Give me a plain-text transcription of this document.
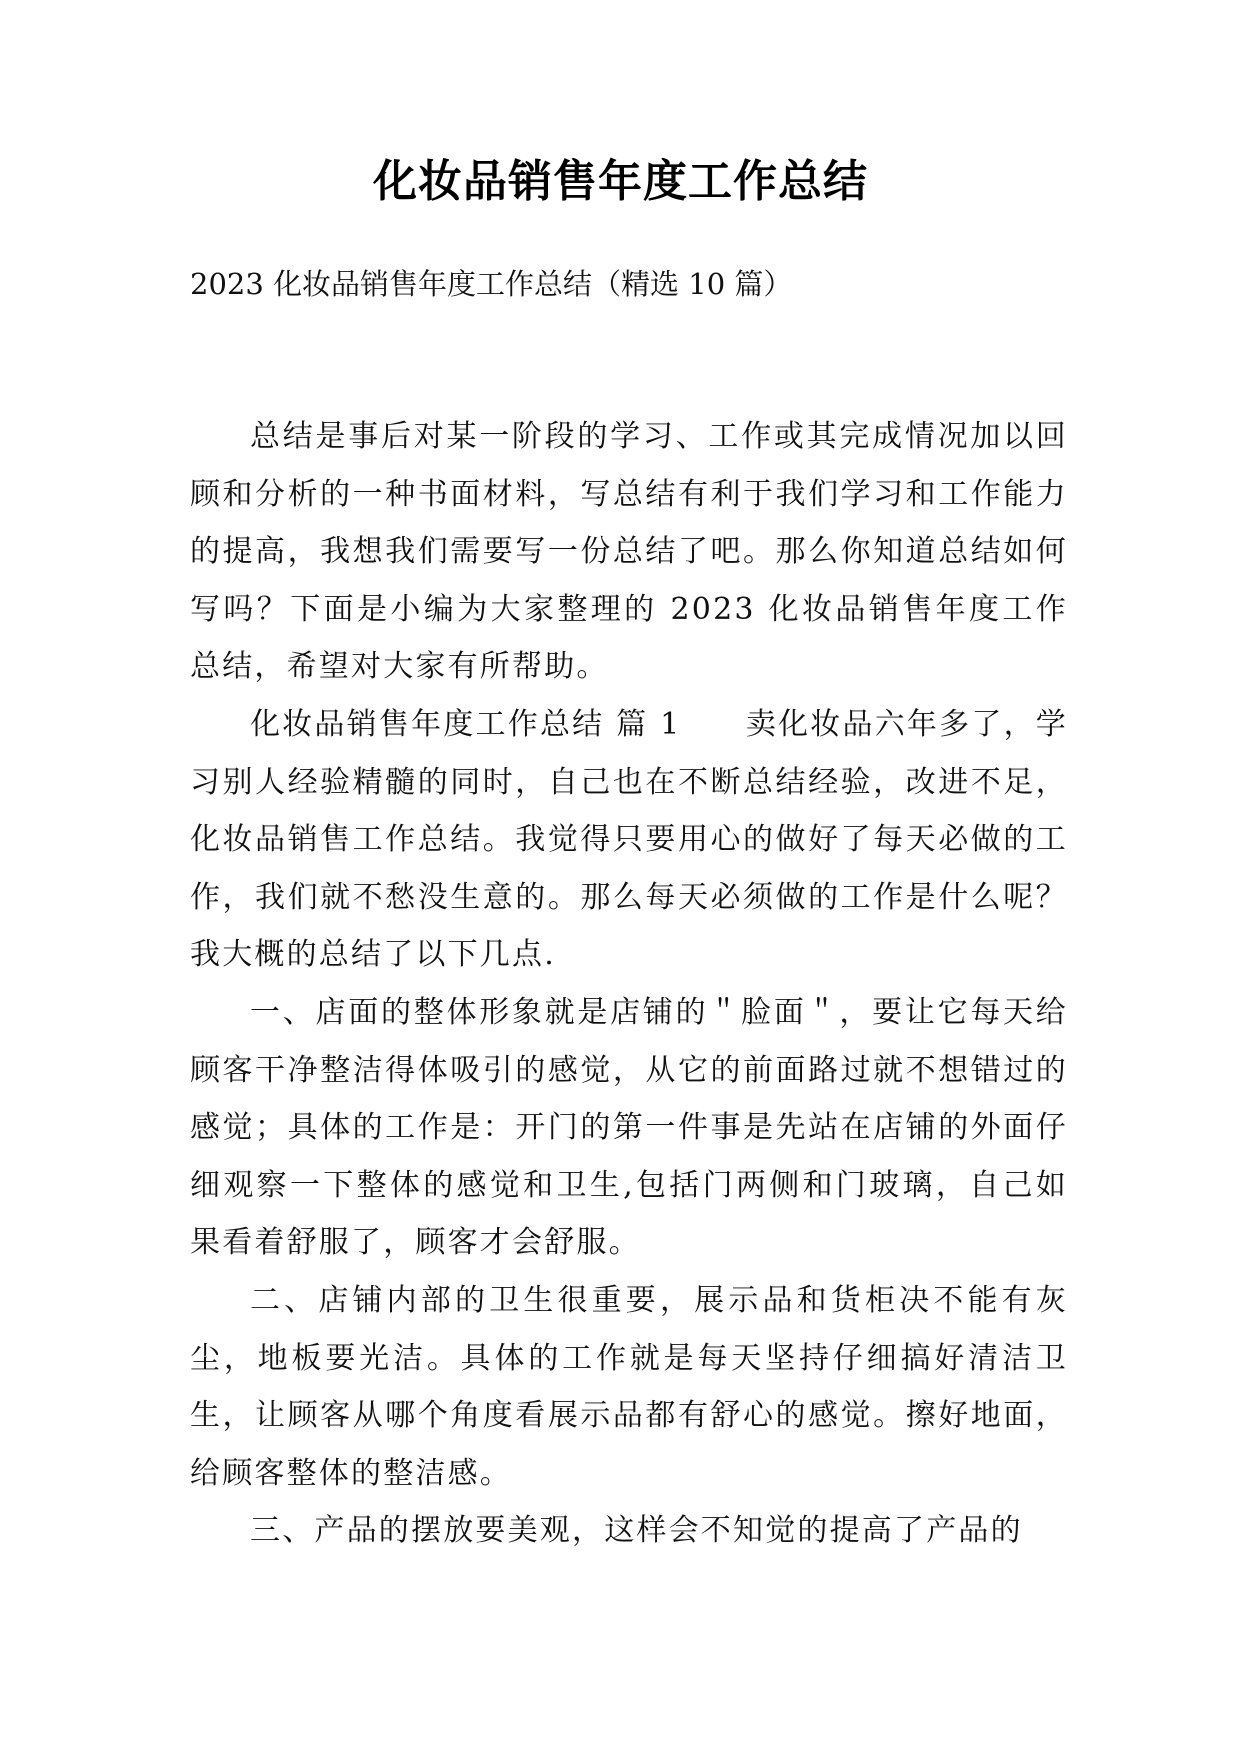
化妆品销售年度工作总结
2023 化妆品销售年度工作总结（精选 10 篇）

总结是事后对某一阶段的学习、工作或其完成情况加以回顾和分析的一种书面材料，写总结有利于我们学习和工作能力的提高，我想我们需要写一份总结了吧。那么你知道总结如何写吗？下面是小编为大家整理的 2023 化妆品销售年度工作总结，希望对大家有所帮助。

化妆品销售年度工作总结 篇 1　　卖化妆品六年多了，学习别人经验精髓的同时，自己也在不断总结经验，改进不足，化妆品销售工作总结。我觉得只要用心的做好了每天必做的工作，我们就不愁没生意的。那么每天必须做的工作是什么呢？我大概的总结了以下几点.

一、店面的整体形象就是店铺的＂脸面＂，要让它每天给顾客干净整洁得体吸引的感觉，从它的前面路过就不想错过的感觉；具体的工作是：开门的第一件事是先站在店铺的外面仔细观察一下整体的感觉和卫生,包括门两侧和门玻璃，自己如果看着舒服了，顾客才会舒服。

二、店铺内部的卫生很重要，展示品和货柜决不能有灰尘，地板要光洁。具体的工作就是每天坚持仔细搞好清洁卫生，让顾客从哪个角度看展示品都有舒心的感觉。擦好地面，给顾客整体的整洁感。

三、产品的摆放要美观，这样会不知觉的提高了产品的
